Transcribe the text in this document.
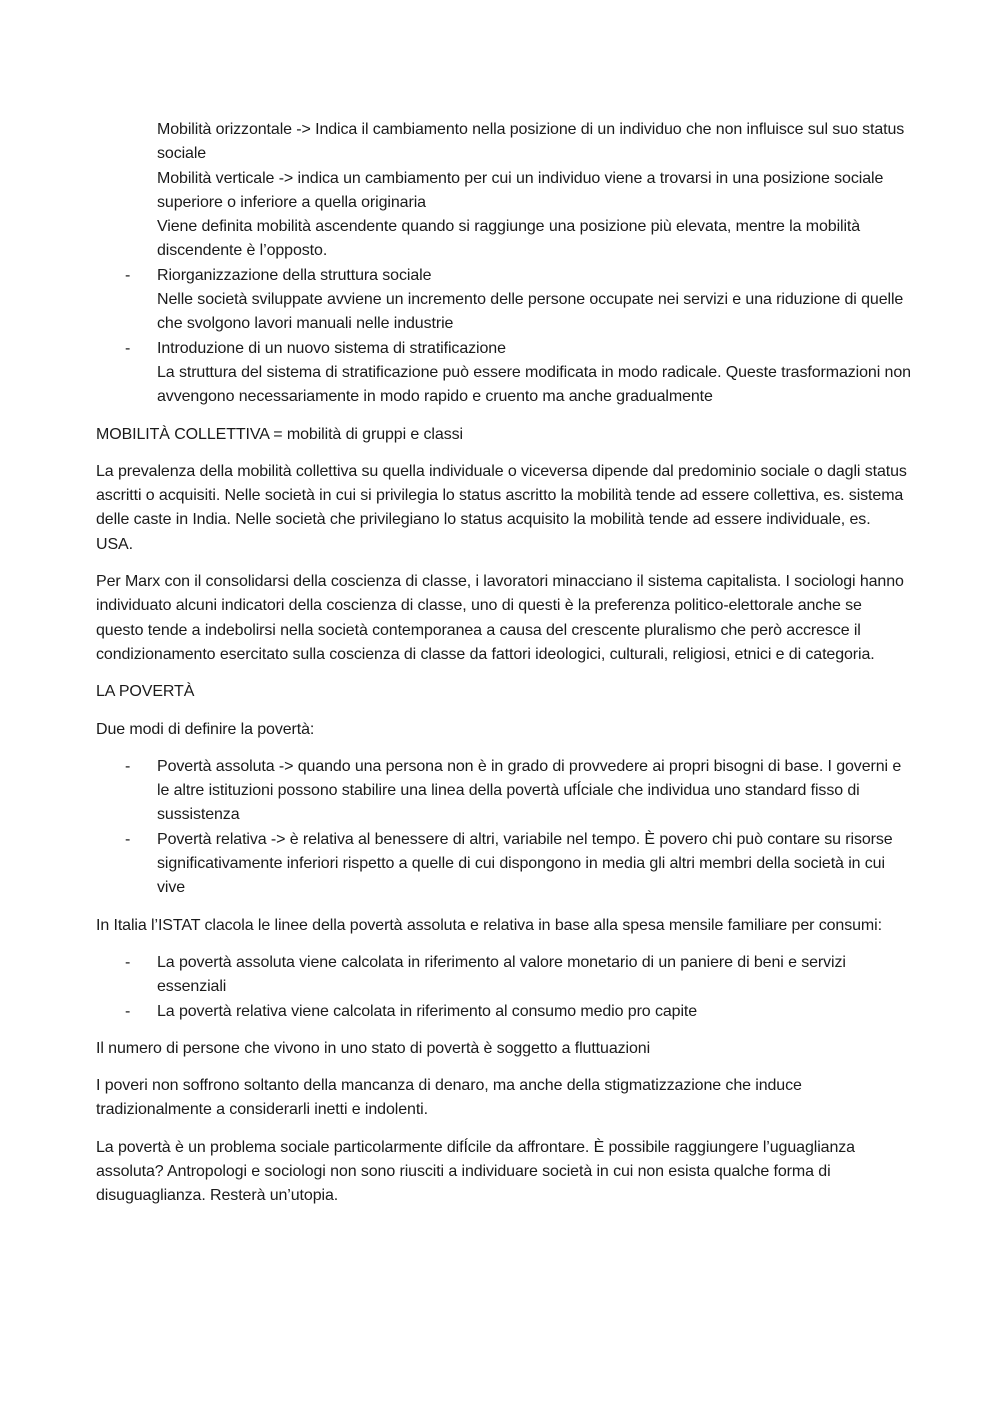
Mobilità orizzontale -> Indica il cambiamento nella posizione di un individuo che non influisce sul suo status sociale

Mobilità verticale -> indica un cambiamento per cui un individuo viene a trovarsi in una posizione sociale superiore o inferiore a quella originaria

Viene definita mobilità ascendente quando si raggiunge una posizione più elevata, mentre la mobilità discendente è l’opposto.

- Riorganizzazione della struttura sociale

Nelle società sviluppate avviene un incremento delle persone occupate nei servizi e una riduzione di quelle che svolgono lavori manuali nelle industrie

- Introduzione di un nuovo sistema di stratificazione

La struttura del sistema di stratificazione può essere modificata in modo radicale. Queste trasformazioni non avvengono necessariamente in modo rapido e cruento ma anche gradualmente

MOBILITÀ COLLETTIVA = mobilità di gruppi e classi

La prevalenza della mobilità collettiva su quella individuale o viceversa dipende dal predominio sociale o dagli status ascritti o acquisiti. Nelle società in cui si privilegia lo status ascritto la mobilità tende ad essere collettiva, es. sistema delle caste in India. Nelle società che privilegiano lo status acquisito la mobilità tende ad essere individuale, es. USA.

Per Marx con il consolidarsi della coscienza di classe, i lavoratori minacciano il sistema capitalista. I sociologi hanno individuato alcuni indicatori della coscienza di classe, uno di questi è la preferenza politico-elettorale anche se questo tende a indebolirsi nella società contemporanea a causa del crescente pluralismo che però accresce il condizionamento esercitato sulla coscienza di classe da fattori ideologici, culturali, religiosi, etnici e di categoria.

LA POVERTÀ

Due modi di definire la povertà:

- Povertà assoluta -> quando una persona non è in grado di provvedere ai propri bisogni di base. I governi e le altre istituzioni possono stabilire una linea della povertà ufÍciale che individua uno standard fisso di sussistenza

- Povertà relativa -> è relativa al benessere di altri, variabile nel tempo. È povero chi può contare su risorse significativamente inferiori rispetto a quelle di cui dispongono in media gli altri membri della società in cui vive

In Italia l’ISTAT clacola le linee della povertà assoluta e relativa in base alla spesa mensile familiare per consumi:

- La povertà assoluta viene calcolata in riferimento al valore monetario di un paniere di beni e servizi essenziali

- La povertà relativa viene calcolata in riferimento al consumo medio pro capite

Il numero di persone che vivono in uno stato di povertà è soggetto a fluttuazioni

I poveri non soffrono soltanto della mancanza di denaro, ma anche della stigmatizzazione che induce tradizionalmente a considerarli inetti e indolenti.

La povertà è un problema sociale particolarmente difÍcile da affrontare. È possibile raggiungere l’uguaglianza assoluta? Antropologi e sociologi non sono riusciti a individuare società in cui non esista qualche forma di disuguaglianza. Resterà un’utopia.
